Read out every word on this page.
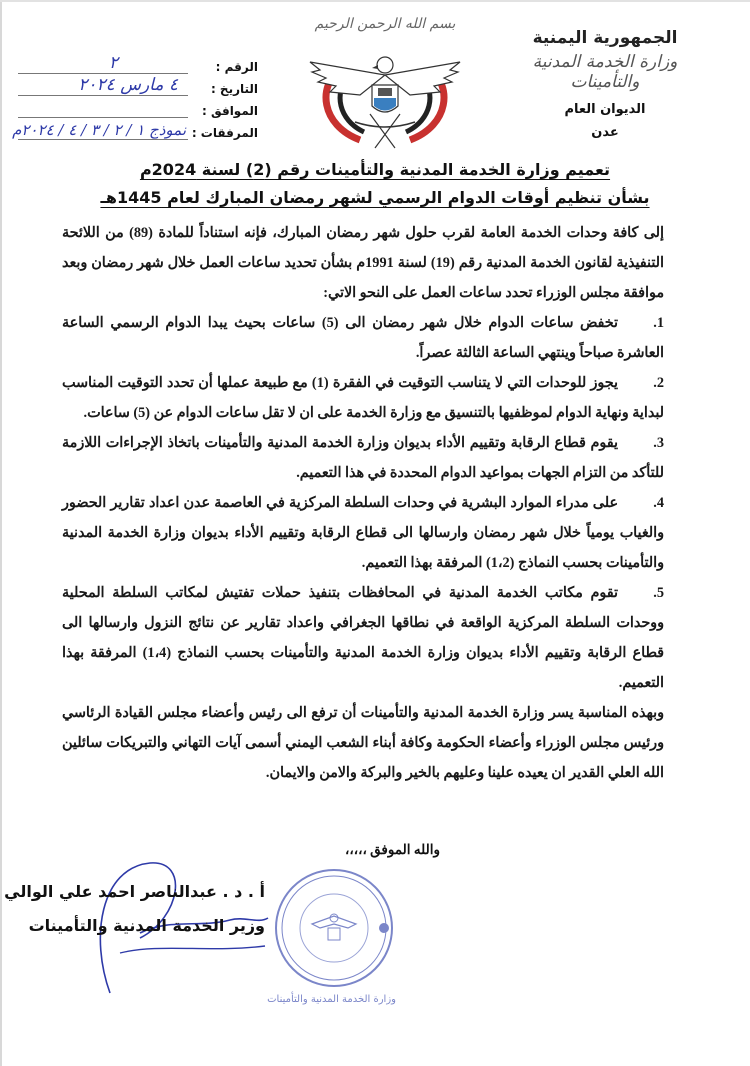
الجمهورية اليمنية
وزارة الخدمة المدنية والتأمينات
الديوان العام
عدن
بسم الله الرحمن الرحيم
الرقم :
٢
التاريخ :
٤ مارس ٢٠٢٤
الموافق :
المرفقات :
نموذج ١ / ٢ / ٣ / ٤ / ٢٠٢٤م
تعميم وزارة الخدمة المدنية والتأمينات رقم (2) لسنة 2024م
بشأن تنظيم أوقات الدوام الرسمي لشهر رمضان المبارك لعام 1445هـ

إلى كافة وحدات الخدمة العامة لقرب حلول شهر رمضان المبارك، فإنه استناداً للمادة (89) من اللائحة التنفيذية لقانون الخدمة المدنية رقم (19) لسنة 1991م بشأن تحديد ساعات العمل خلال شهر رمضان وبعد موافقة مجلس الوزراء تحدد ساعات العمل على النحو الاتي:

1.تخفض ساعات الدوام خلال شهر رمضان الى (5) ساعات بحيث يبدا الدوام الرسمي الساعة العاشرة صباحاً وينتهي الساعة الثالثة عصراً.

2.يجوز للوحدات التي لا يتناسب التوقيت في الفقرة (1) مع طبيعة عملها أن تحدد التوقيت المناسب لبداية ونهاية الدوام لموظفيها بالتنسيق مع وزارة الخدمة على ان لا تقل ساعات الدوام عن (5) ساعات.

3.يقوم قطاع الرقابة وتقييم الأداء بديوان وزارة الخدمة المدنية والتأمينات باتخاذ الإجراءات اللازمة للتأكد من التزام الجهات بمواعيد الدوام المحددة في هذا التعميم.

4.على مدراء الموارد البشرية في وحدات السلطة المركزية في العاصمة عدن اعداد تقارير الحضور والغياب يومياً خلال شهر رمضان وارسالها الى قطاع الرقابة وتقييم الأداء بديوان وزارة الخدمة المدنية والتأمينات بحسب النماذج (1،2) المرفقة بهذا التعميم.

5.تقوم مكاتب الخدمة المدنية في المحافظات بتنفيذ حملات تفتيش لمكاتب السلطة المحلية ووحدات السلطة المركزية الواقعة في نطاقها الجغرافي واعداد تقارير عن نتائج النزول وارسالها الى قطاع الرقابة وتقييم الأداء بديوان وزارة الخدمة المدنية والتأمينات بحسب النماذج (1،4) المرفقة بهذا التعميم.

وبهذه المناسبة يسر وزارة الخدمة المدنية والتأمينات أن ترفع الى رئيس وأعضاء مجلس القيادة الرئاسي ورئيس مجلس الوزراء وأعضاء الحكومة وكافة أبناء الشعب اليمني أسمى آيات التهاني والتبريكات سائلين الله العلي القدير ان يعيده علينا وعليهم بالخير والبركة والامن والايمان.

والله الموفق ،،،،،
وزارة الخدمة المدنية والتأمينات
أ . د . عبدالناصر احمد علي الوالي
وزير الخدمة المدنية والتأمينات
